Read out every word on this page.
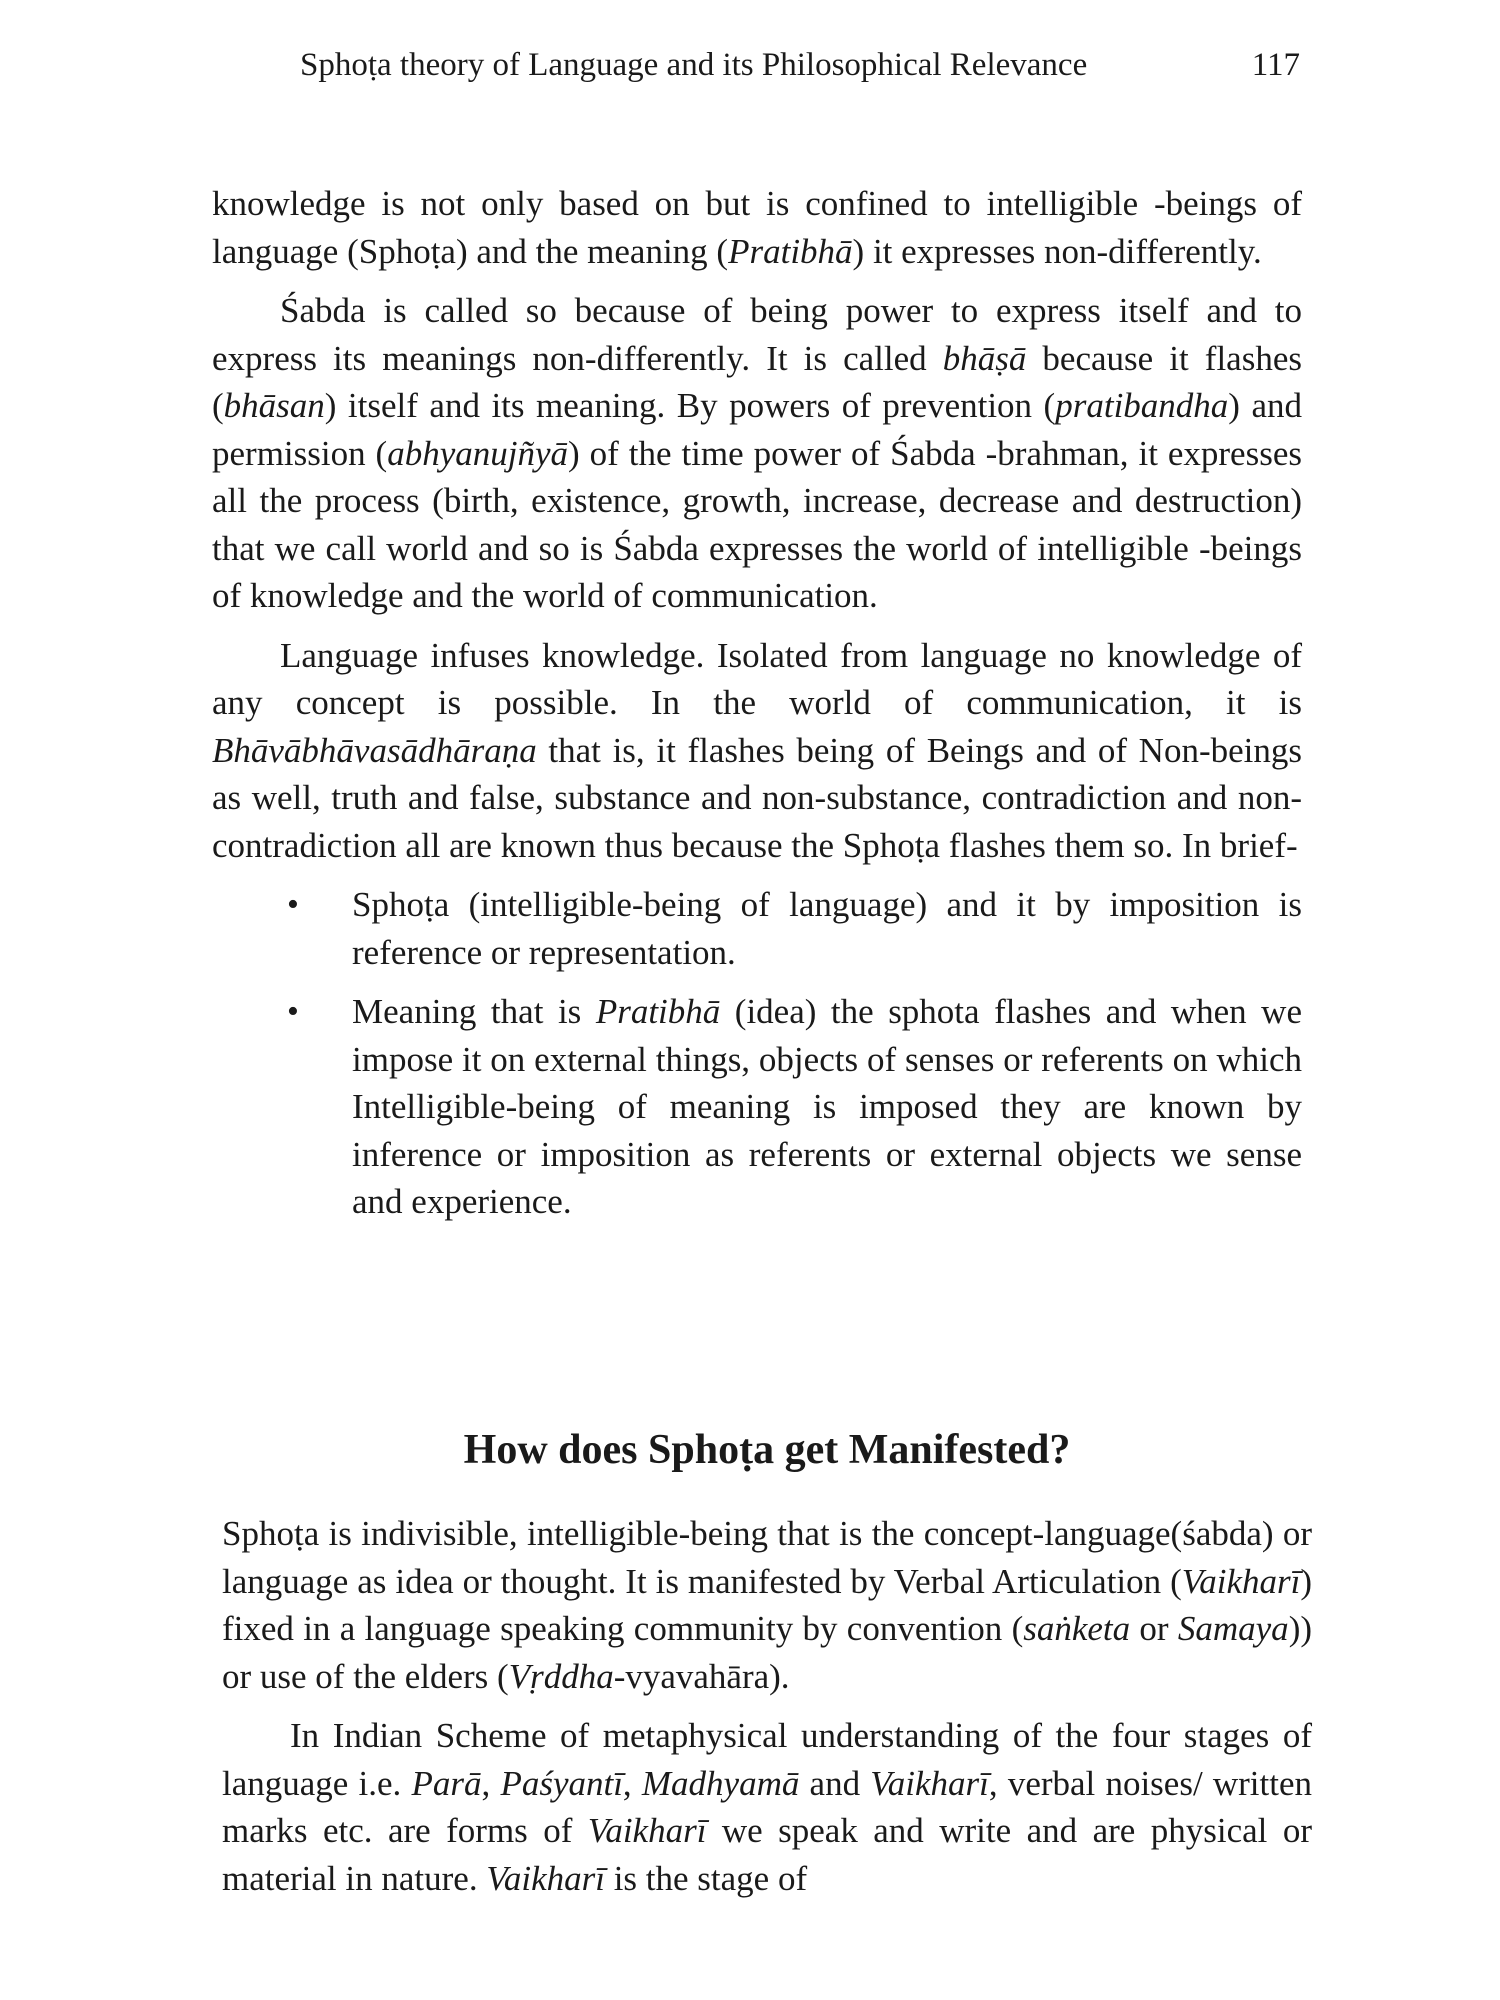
Sphoṭa theory of Language and its Philosophical Relevance	117

knowledge is not only based on but is confined to intelligible -beings of language (Sphoṭa) and the meaning (Pratibhā) it expresses non-differently.

Śabda is called so because of being power to express itself and to express its meanings non-differently. It is called bhāṣā because it flashes (bhāsan) itself and its meaning. By powers of prevention (pratibandha) and permission (abhyanujñyā) of the time power of Śabda -brahman, it expresses all the process (birth, existence, growth, increase, decrease and destruction) that we call world and so is Śabda expresses the world of intelligible -beings of knowledge and the world of communication.

Language infuses knowledge. Isolated from language no knowledge of any concept is possible. In the world of communication, it is Bhāvābhāvasādhāraṇa that is, it flashes being of Beings and of Non-beings as well, truth and false, substance and non-substance, contradiction and non-contradiction all are known thus because the Sphoṭa flashes them so. In brief-

• Sphoṭa (intelligible-being of language) and it by imposition is reference or representation.
• Meaning that is Pratibhā (idea) the sphota flashes and when we impose it on external things, objects of senses or referents on which Intelligible-being of meaning is imposed they are known by inference or imposition as referents or external objects we sense and experience.
How does Sphoṭa get Manifested?

Sphoṭa is indivisible, intelligible-being that is the concept-language(śabda) or language as idea or thought. It is manifested by Verbal Articulation (Vaikharī) fixed in a language speaking community by convention (saṅketa or Samaya)) or use of the elders (Vṛddha-vyavahāra).

In Indian Scheme of metaphysical understanding of the four stages of language i.e. Parā, Paśyantī, Madhyamā and Vaikharī, verbal noises/ written marks etc. are forms of Vaikharī we speak and write and are physical or material in nature. Vaikharī is the stage of
